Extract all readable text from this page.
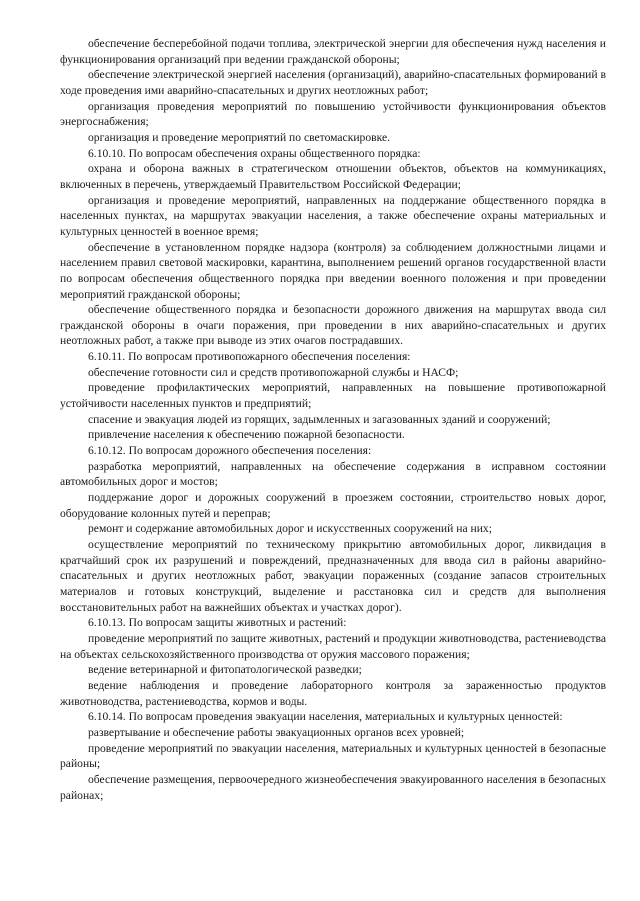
обеспечение бесперебойной подачи топлива, электрической энергии для обеспечения нужд населения и функционирования организаций при ведении гражданской обороны;

обеспечение электрической энергией населения (организаций), аварийно-спасательных формирований в ходе проведения ими аварийно-спасательных и других неотложных работ;

организация проведения мероприятий по повышению устойчивости функционирования объектов энергоснабжения;

организация и проведение мероприятий по светомаскировке.

6.10.10. По вопросам обеспечения охраны общественного порядка:

охрана и оборона важных в стратегическом отношении объектов, объектов на коммуникациях, включенных в перечень, утверждаемый Правительством Российской Федерации;

организация и проведение мероприятий, направленных на поддержание общественного порядка в населенных пунктах, на маршрутах эвакуации населения, а также обеспечение охраны материальных и культурных ценностей в военное время;

обеспечение в установленном порядке надзора (контроля) за соблюдением должностными лицами и населением правил световой маскировки, карантина, выполнением решений органов государственной власти по вопросам обеспечения общественного порядка при введении военного положения и при проведении мероприятий гражданской обороны;

обеспечение общественного порядка и безопасности дорожного движения на маршрутах ввода сил гражданской обороны в очаги поражения, при проведении в них аварийно-спасательных и других неотложных работ, а также при выводе из этих очагов пострадавших.

6.10.11. По вопросам противопожарного обеспечения поселения:

обеспечение готовности сил и средств противопожарной службы и НАСФ;

проведение профилактических мероприятий, направленных на повышение противопожарной устойчивости населенных пунктов и предприятий;

спасение и эвакуация людей из горящих, задымленных и загазованных зданий и сооружений;

привлечение населения к обеспечению пожарной безопасности.

6.10.12. По вопросам дорожного обеспечения поселения:

разработка мероприятий, направленных на обеспечение содержания в исправном состоянии автомобильных дорог и мостов;

поддержание дорог и дорожных сооружений в проезжем состоянии, строительство новых дорог, оборудование колонных путей и переправ;

ремонт и содержание автомобильных дорог и искусственных сооружений на них;

осуществление мероприятий по техническому прикрытию автомобильных дорог, ликвидация в кратчайший срок их разрушений и повреждений, предназначенных для ввода сил в районы аварийно-спасательных и других неотложных работ, эвакуации пораженных (создание запасов строительных материалов и готовых конструкций, выделение и расстановка сил и средств для выполнения восстановительных работ на важнейших объектах и участках дорог).

6.10.13. По вопросам защиты животных и растений:

проведение мероприятий по защите животных, растений и продукции животноводства, растениеводства на объектах сельскохозяйственного производства от оружия массового поражения;

ведение ветеринарной и фитопатологической разведки;

ведение наблюдения и проведение лабораторного контроля за зараженностью продуктов животноводства, растениеводства, кормов и воды.

6.10.14. По вопросам проведения эвакуации населения, материальных и культурных ценностей:

развертывание и обеспечение работы эвакуационных органов всех уровней;

проведение мероприятий по эвакуации населения, материальных и культурных ценностей в безопасные районы;

обеспечение размещения, первоочередного жизнеобеспечения эвакуированного населения в безопасных районах;
